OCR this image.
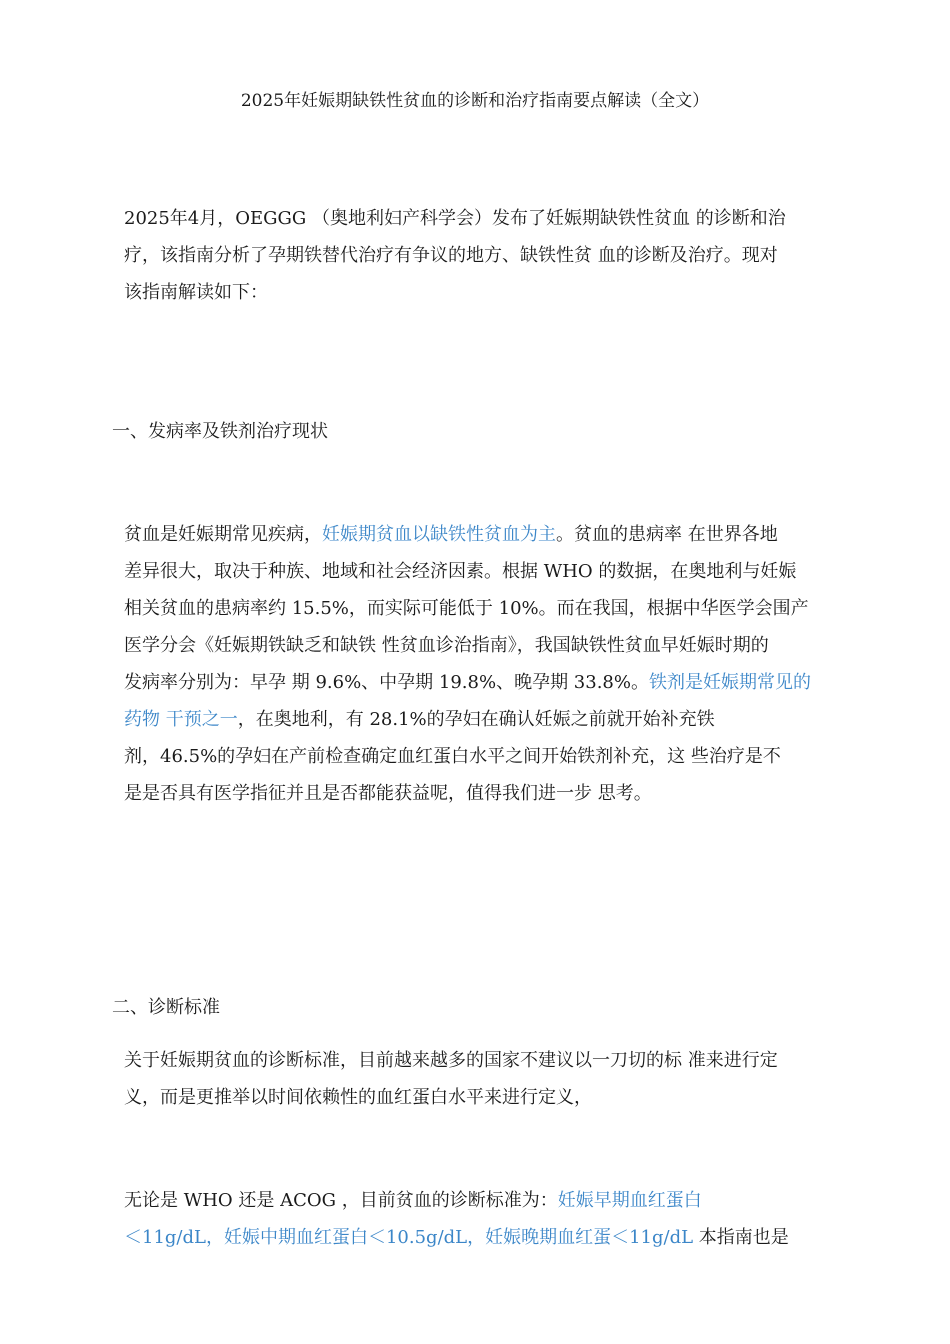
2025年妊娠期缺铁性贫血的诊断和治疗指南要点解读（全文）

2025年4月，OEGGG （奥地利妇产科学会）发布了妊娠期缺铁性贫血 的诊断和治

疗，该指南分析了孕期铁替代治疗有争议的地方、缺铁性贫 血的诊断及治疗。现对

该指南解读如下：

一、发病率及铁剂治疗现状

贫血是妊娠期常见疾病，妊娠期贫血以缺铁性贫血为主。贫血的患病率 在世界各地

差异很大，取决于种族、地域和社会经济因素。根据 WHO 的数据，在奥地利与妊娠

相关贫血的患病率约 15.5%，而实际可能低于 10%。而在我国，根据中华医学会围产

医学分会《妊娠期铁缺乏和缺铁 性贫血诊治指南》，我国缺铁性贫血早妊娠时期的

发病率分别为：早孕 期 9.6%、中孕期 19.8%、晚孕期 33.8%。铁剂是妊娠期常见的

药物 干预之一，在奥地利，有 28.1%的孕妇在确认妊娠之前就开始补充铁

剂，46.5%的孕妇在产前检查确定血红蛋白水平之间开始铁剂补充，这 些治疗是不

是是否具有医学指征并且是否都能获益呢，值得我们进一步 思考。

二、诊断标准

关于妊娠期贫血的诊断标准，目前越来越多的国家不建议以一刀切的标 准来进行定

义，而是更推举以时间依赖性的血红蛋白水平来进行定义，

无论是 WHO 还是 ACOG ，目前贫血的诊断标准为：妊娠早期血红蛋白

＜11g/dL，妊娠中期血红蛋白＜10.5g/dL，妊娠晚期血红蛋＜11g/dL 本指南也是
